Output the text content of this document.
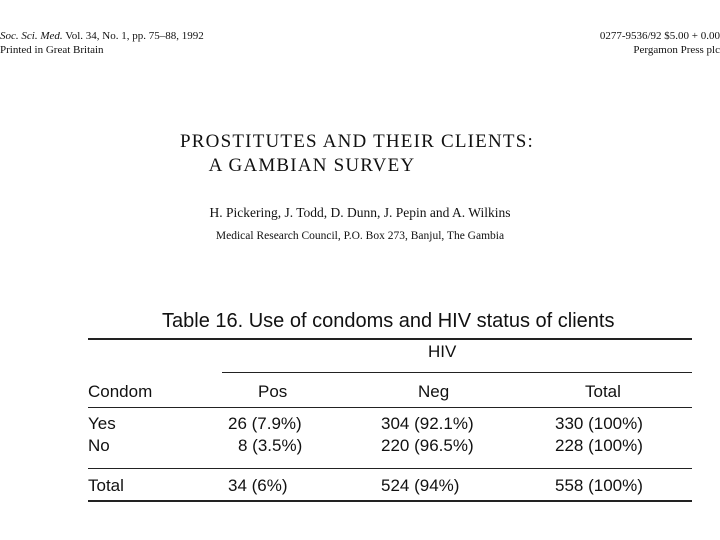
Soc. Sci. Med. Vol. 34, No. 1, pp. 75–88, 1992
Printed in Great Britain
0277-9536/92 $5.00 + 0.00
Pergamon Press plc
PROSTITUTES AND THEIR CLIENTS:
A GAMBIAN SURVEY
H. Pickering, J. Todd, D. Dunn, J. Pepin and A. Wilkins
Medical Research Council, P.O. Box 273, Banjul, The Gambia
Table 16. Use of condoms and HIV status of clients
HIV
Condom	Pos	Neg	Total
Yes	26 (7.9%)	304 (92.1%)	330 (100%)
No	8 (3.5%)	220 (96.5%)	228 (100%)
Total	34 (6%)	524 (94%)	558 (100%)
